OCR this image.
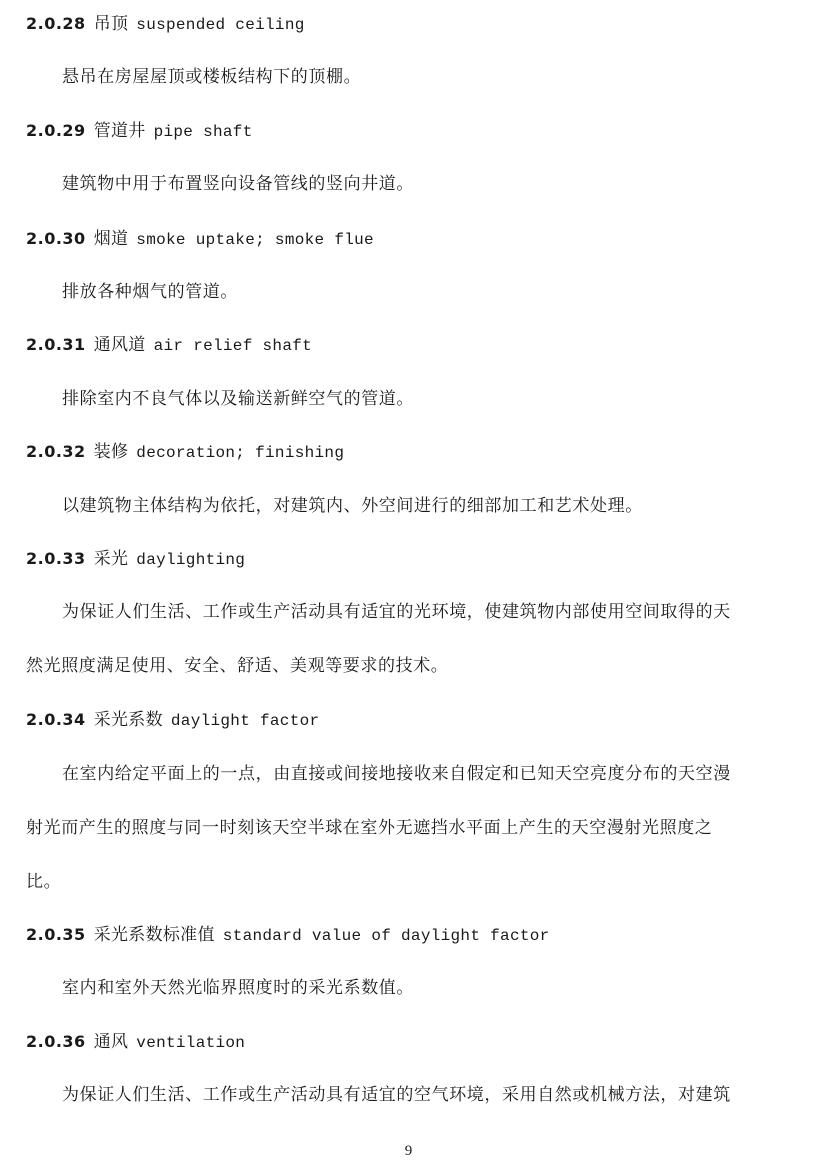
2.0.28 吊顶 suspended ceiling
悬吊在房屋屋顶或楼板结构下的顶棚。
2.0.29 管道井 pipe shaft
建筑物中用于布置竖向设备管线的竖向井道。
2.0.30 烟道 smoke uptake; smoke flue
排放各种烟气的管道。
2.0.31 通风道 air relief shaft
排除室内不良气体以及输送新鲜空气的管道。
2.0.32 装修 decoration; finishing
以建筑物主体结构为依托，对建筑内、外空间进行的细部加工和艺术处理。
2.0.33 采光 daylighting
为保证人们生活、工作或生产活动具有适宜的光环境，使建筑物内部使用空间取得的天
然光照度满足使用、安全、舒适、美观等要求的技术。
2.0.34 采光系数 daylight factor
在室内给定平面上的一点，由直接或间接地接收来自假定和已知天空亮度分布的天空漫
射光而产生的照度与同一时刻该天空半球在室外无遮挡水平面上产生的天空漫射光照度之
比。
2.0.35 采光系数标准值 standard value of daylight factor
室内和室外天然光临界照度时的采光系数值。
2.0.36 通风 ventilation
为保证人们生活、工作或生产活动具有适宜的空气环境，采用自然或机械方法，对建筑
9
